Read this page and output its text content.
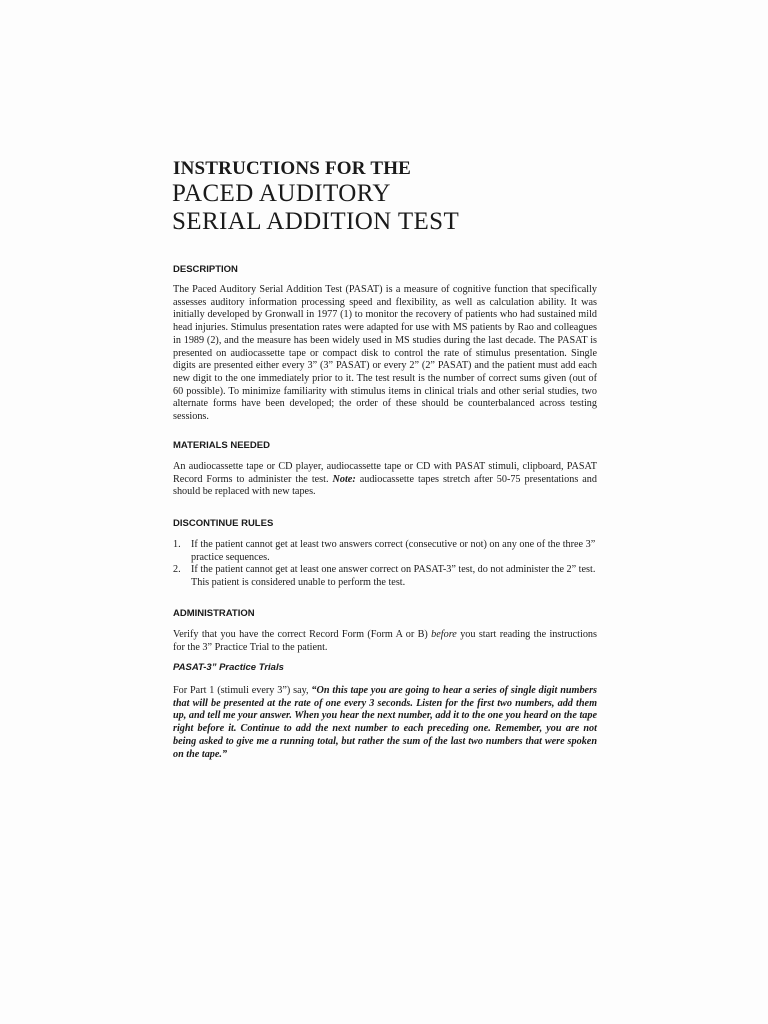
INSTRUCTIONS FOR THE
PACED AUDITORY
SERIAL ADDITION TEST
DESCRIPTION
The Paced Auditory Serial Addition Test (PASAT) is a measure of cognitive function that specifically assesses auditory information processing speed and flexibility, as well as calculation ability. It was initially developed by Gronwall in 1977 (1) to monitor the recovery of patients who had sustained mild head injuries. Stimulus presentation rates were adapted for use with MS patients by Rao and colleagues in 1989 (2), and the measure has been widely used in MS studies during the last decade. The PASAT is presented on audiocassette tape or compact disk to control the rate of stimulus presentation. Single digits are presented either every 3” (3” PASAT) or every 2” (2” PASAT) and the patient must add each new digit to the one immediately prior to it. The test result is the number of correct sums given (out of 60 possible). To minimize familiarity with stimulus items in clinical trials and other serial studies, two alternate forms have been developed; the order of these should be counterbalanced across testing sessions.
MATERIALS NEEDED
An audiocassette tape or CD player, audiocassette tape or CD with PASAT stimuli, clipboard, PASAT Record Forms to administer the test. Note: audiocassette tapes stretch after 50-75 presentations and should be replaced with new tapes.
DISCONTINUE RULES
1.	If the patient cannot get at least two answers correct (consecutive or not) on any one of the three 3” practice sequences.
2.	If the patient cannot get at least one answer correct on PASAT-3” test, do not administer the 2” test. This patient is considered unable to perform the test.
ADMINISTRATION
Verify that you have the correct Record Form (Form A or B) before you start reading the instructions for the 3” Practice Trial to the patient.
PASAT-3” Practice Trials
For Part 1 (stimuli every 3”) say, “On this tape you are going to hear a series of single digit numbers that will be presented at the rate of one every 3 seconds. Listen for the first two numbers, add them up, and tell me your answer. When you hear the next number, add it to the one you heard on the tape right before it. Continue to add the next number to each preceding one. Remember, you are not being asked to give me a running total, but rather the sum of the last two numbers that were spoken on the tape.”
